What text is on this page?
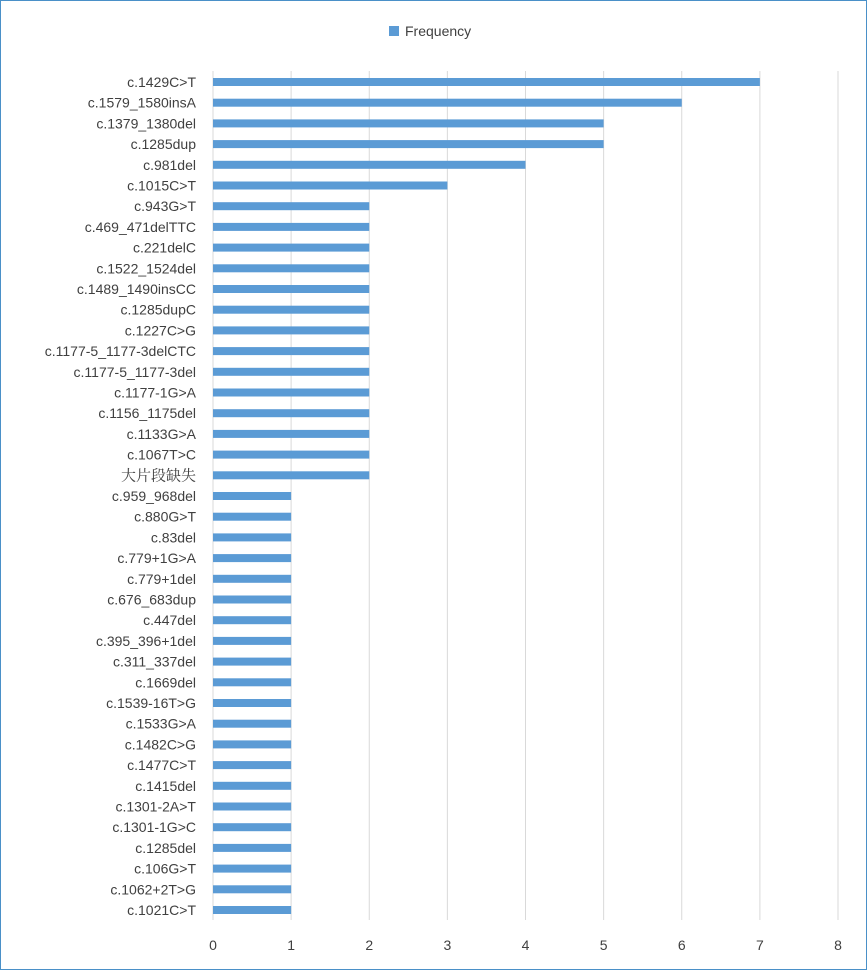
Frequency
c.1429C>T
c.1579_1580insA
c.1379_1380del
c.1285dup
c.981del
c.1015C>T
c.943G>T
c.469_471delTTC
c.221delC
c.1522_1524del
c.1489_1490insCC
c.1285dupC
c.1227C>G
c.1177-5_1177-3delCTC
c.1177-5_1177-3del
c.1177-1G>A
c.1156_1175del
c.1133G>A
c.1067T>C
大片段缺失
c.959_968del
c.880G>T
c.83del
c.779+1G>A
c.779+1del
c.676_683dup
c.447del
c.395_396+1del
c.311_337del
c.1669del
c.1539-16T>G
c.1533G>A
c.1482C>G
c.1477C>T
c.1415del
c.1301-2A>T
c.1301-1G>C
c.1285del
c.106G>T
c.1062+2T>G
c.1021C>T
0	1	2	3	4	5	6	7	8
